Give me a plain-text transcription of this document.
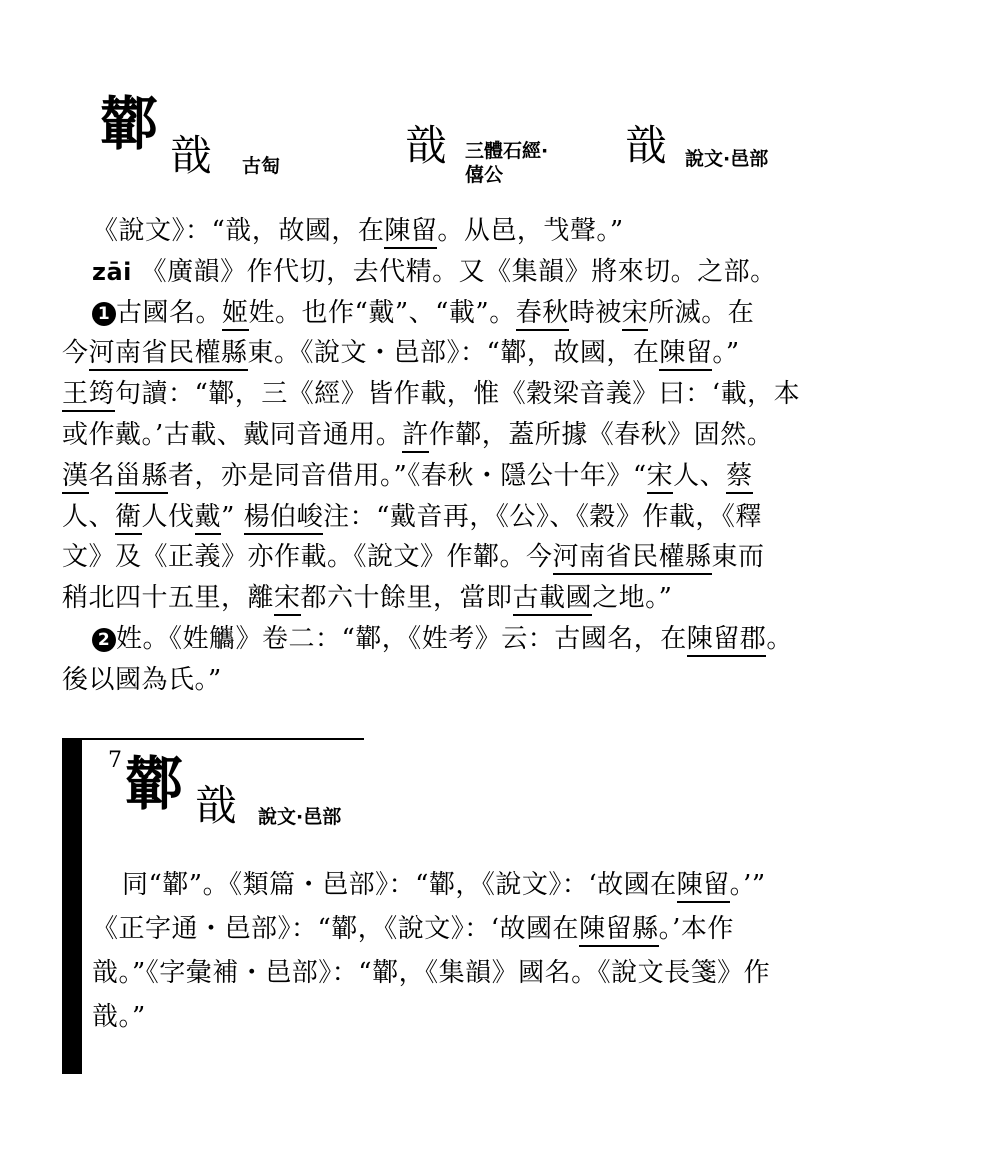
鄻 戠 古匋	戠 三體石經·
僖公
戠 說文·邑部
《說文》：“戠，故國，在陳留。从邑，𢦏聲。”
zāi 《廣韻》作代切，去代精。又《集韻》將來切。之部。
1 古國名。姬姓。也作“戴”、“載”。春秋時被宋所滅。在
今河南省民權縣東。《說文・邑部》：“鄻，故國，在陳留。”
王筠句讀：“鄻，三《經》皆作載，惟《穀梁音義》曰：‘載，本
或作戴。’古載、戴同音通用。許作鄻，蓋所據《春秋》固然。
漢名甾縣者，亦是同音借用。”《春秋・隱公十年》“宋人、蔡
人、衛人伐戴” 楊伯峻注：“戴音再，《公》、《穀》作載，《釋
文》及《正義》亦作載。《說文》作鄻。今河南省民權縣東而
稍北四十五里，離宋都六十餘里，當即古載國之地。”
2 姓。《姓觿》卷二：“鄻，《姓考》云：古國名，在陳留郡。
後以國為氏。”
7 鄻 戠 說文·邑部
同“鄻”。《類篇・邑部》：“鄻，《說文》：‘故國在陳留。’”
《正字通・邑部》：“鄻，《說文》：‘故國在陳留縣。’本作
戠。”《字彙補・邑部》：“鄻，《集韻》國名。《說文長箋》作
戠。”
